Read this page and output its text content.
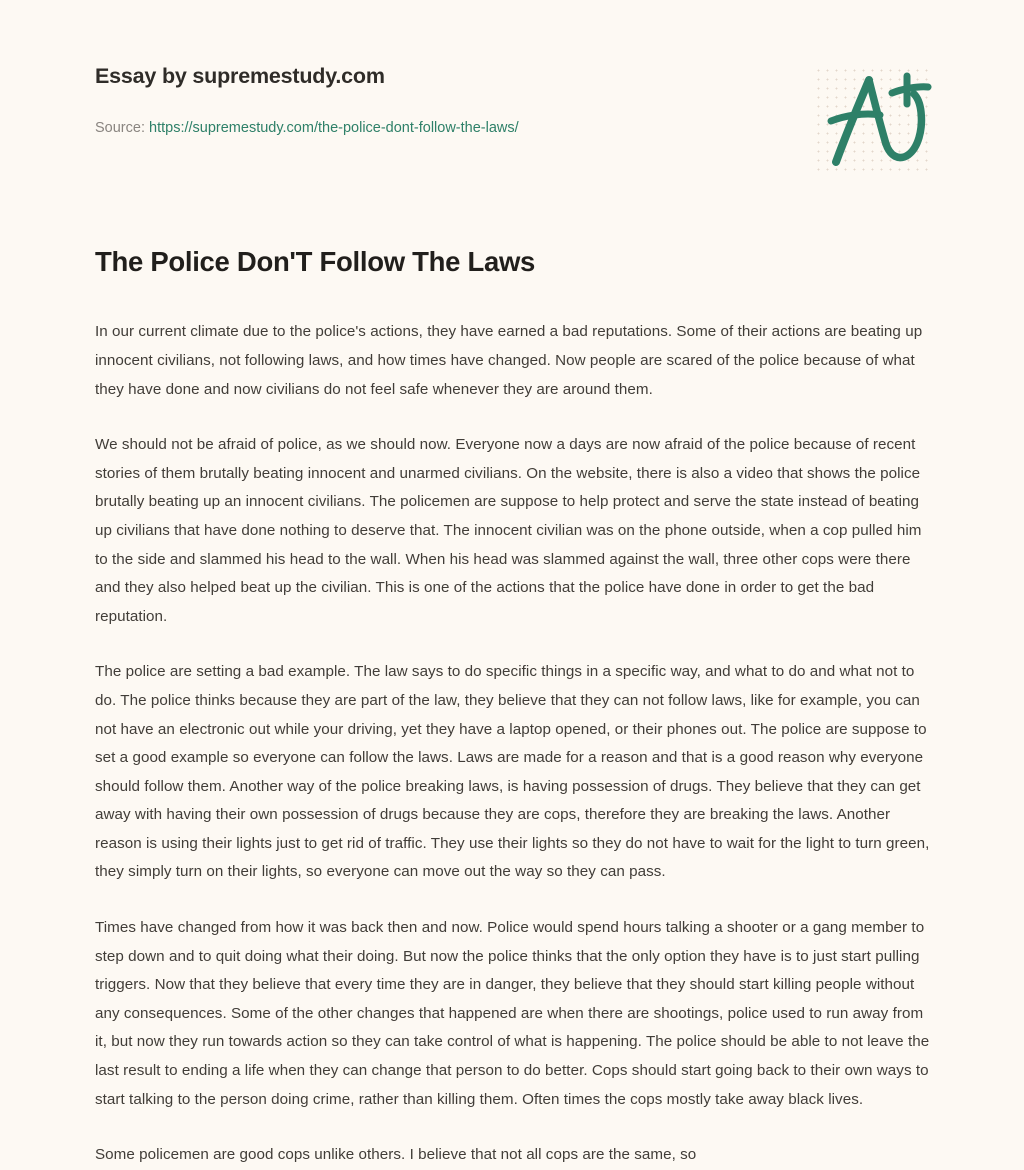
Essay by supremestudy.com
Source: https://supremestudy.com/the-police-dont-follow-the-laws/
The Police Don'T Follow The Laws

In our current climate due to the police's actions, they have earned a bad reputations. Some of their actions are beating up innocent civilians, not following laws, and how times have changed. Now people are scared of the police because of what they have done and now civilians do not feel safe whenever they are around them.

We should not be afraid of police, as we should now. Everyone now a days are now afraid of the police because of recent stories of them brutally beating innocent and unarmed civilians. On the website, there is also a video that shows the police brutally beating up an innocent civilians. The policemen are suppose to help protect and serve the state instead of beating up civilians that have done nothing to deserve that. The innocent civilian was on the phone outside, when a cop pulled him to the side and slammed his head to the wall. When his head was slammed against the wall, three other cops were there and they also helped beat up the civilian. This is one of the actions that the police have done in order to get the bad reputation.

The police are setting a bad example. The law says to do specific things in a specific way, and what to do and what not to do. The police thinks because they are part of the law, they believe that they can not follow laws, like for example, you can not have an electronic out while your driving, yet they have a laptop opened, or their phones out. The police are suppose to set a good example so everyone can follow the laws. Laws are made for a reason and that is a good reason why everyone should follow them. Another way of the police breaking laws, is having possession of drugs. They believe that they can get away with having their own possession of drugs because they are cops, therefore they are breaking the laws. Another reason is using their lights just to get rid of traffic. They use their lights so they do not have to wait for the light to turn green, they simply turn on their lights, so everyone can move out the way so they can pass.

Times have changed from how it was back then and now. Police would spend hours talking a shooter or a gang member to step down and to quit doing what their doing. But now the police thinks that the only option they have is to just start pulling triggers. Now that they believe that every time they are in danger, they believe that they should start killing people without any consequences. Some of the other changes that happened are when there are shootings, police used to run away from it, but now they run towards action so they can take control of what is happening. The police should be able to not leave the last result to ending a life when they can change that person to do better. Cops should start going back to their own ways to start talking to the person doing crime, rather than killing them. Often times the cops mostly take away black lives.

Some policemen are good cops unlike others. I believe that not all cops are the same, so
